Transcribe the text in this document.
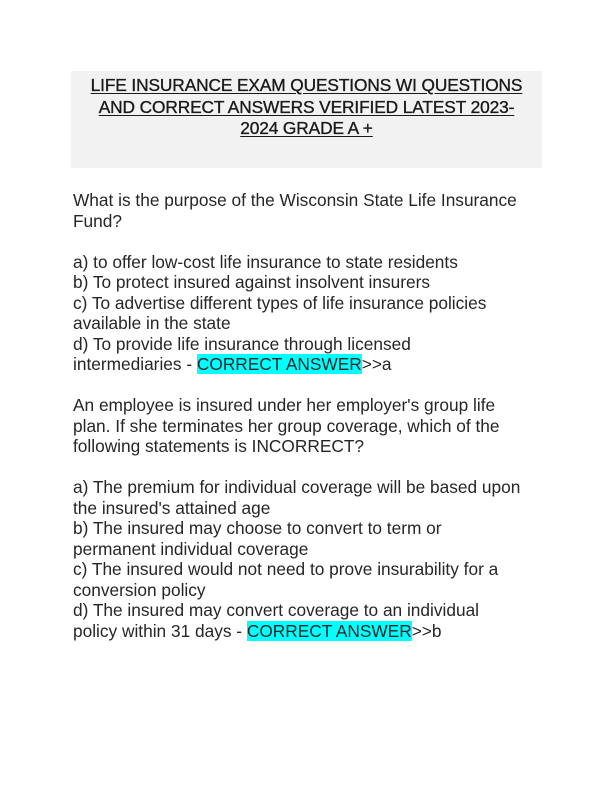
LIFE INSURANCE EXAM QUESTIONS WI QUESTIONS
AND CORRECT ANSWERS VERIFIED LATEST 2023-
2024 GRADE A +

What is the purpose of the Wisconsin State Life Insurance
Fund?

a) to offer low-cost life insurance to state residents

b) To protect insured against insolvent insurers

c) To advertise different types of life insurance policies
available in the state

d) To provide life insurance through licensed
intermediaries - CORRECT ANSWER>>a

An employee is insured under her employer's group life
plan. If she terminates her group coverage, which of the
following statements is INCORRECT?

a) The premium for individual coverage will be based upon
the insured's attained age

b) The insured may choose to convert to term or
permanent individual coverage

c) The insured would not need to prove insurability for a
conversion policy

d) The insured may convert coverage to an individual
policy within 31 days - CORRECT ANSWER>>b
